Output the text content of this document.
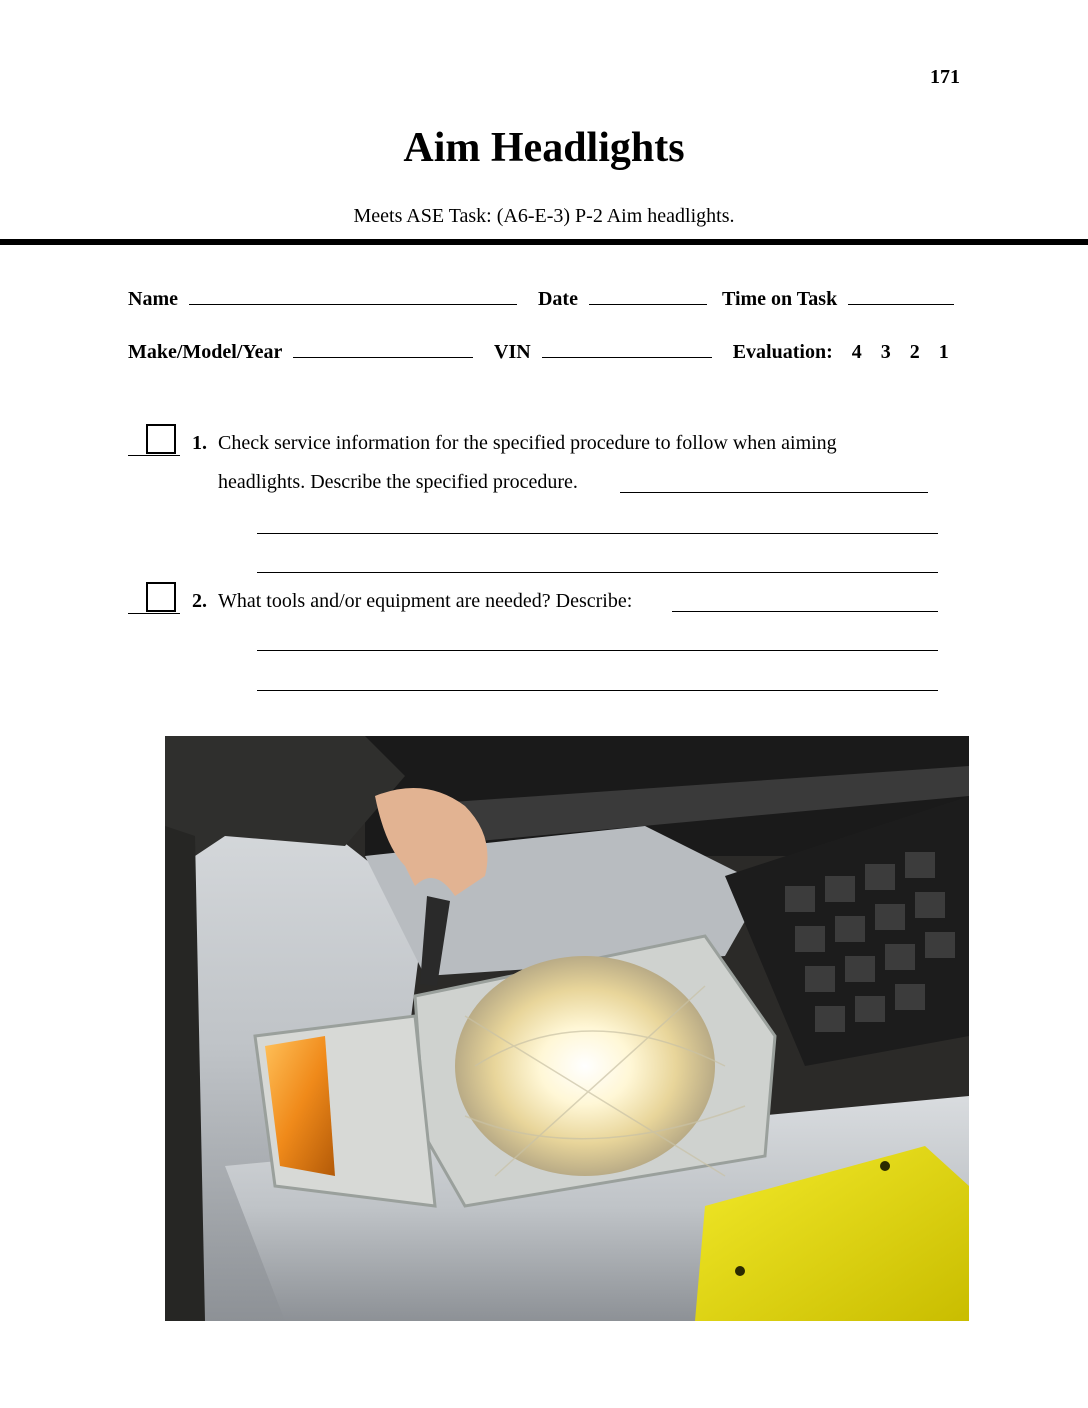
171
Aim Headlights
Meets ASE Task: (A6-E-3) P-2 Aim headlights.
Name	Date	Time on Task
Make/Model/Year	VIN	Evaluation: 4 3 2 1
1. Check service information for the specified procedure to follow when aiming
headlights. Describe the specified procedure.
2. What tools and/or equipment are needed? Describe:
